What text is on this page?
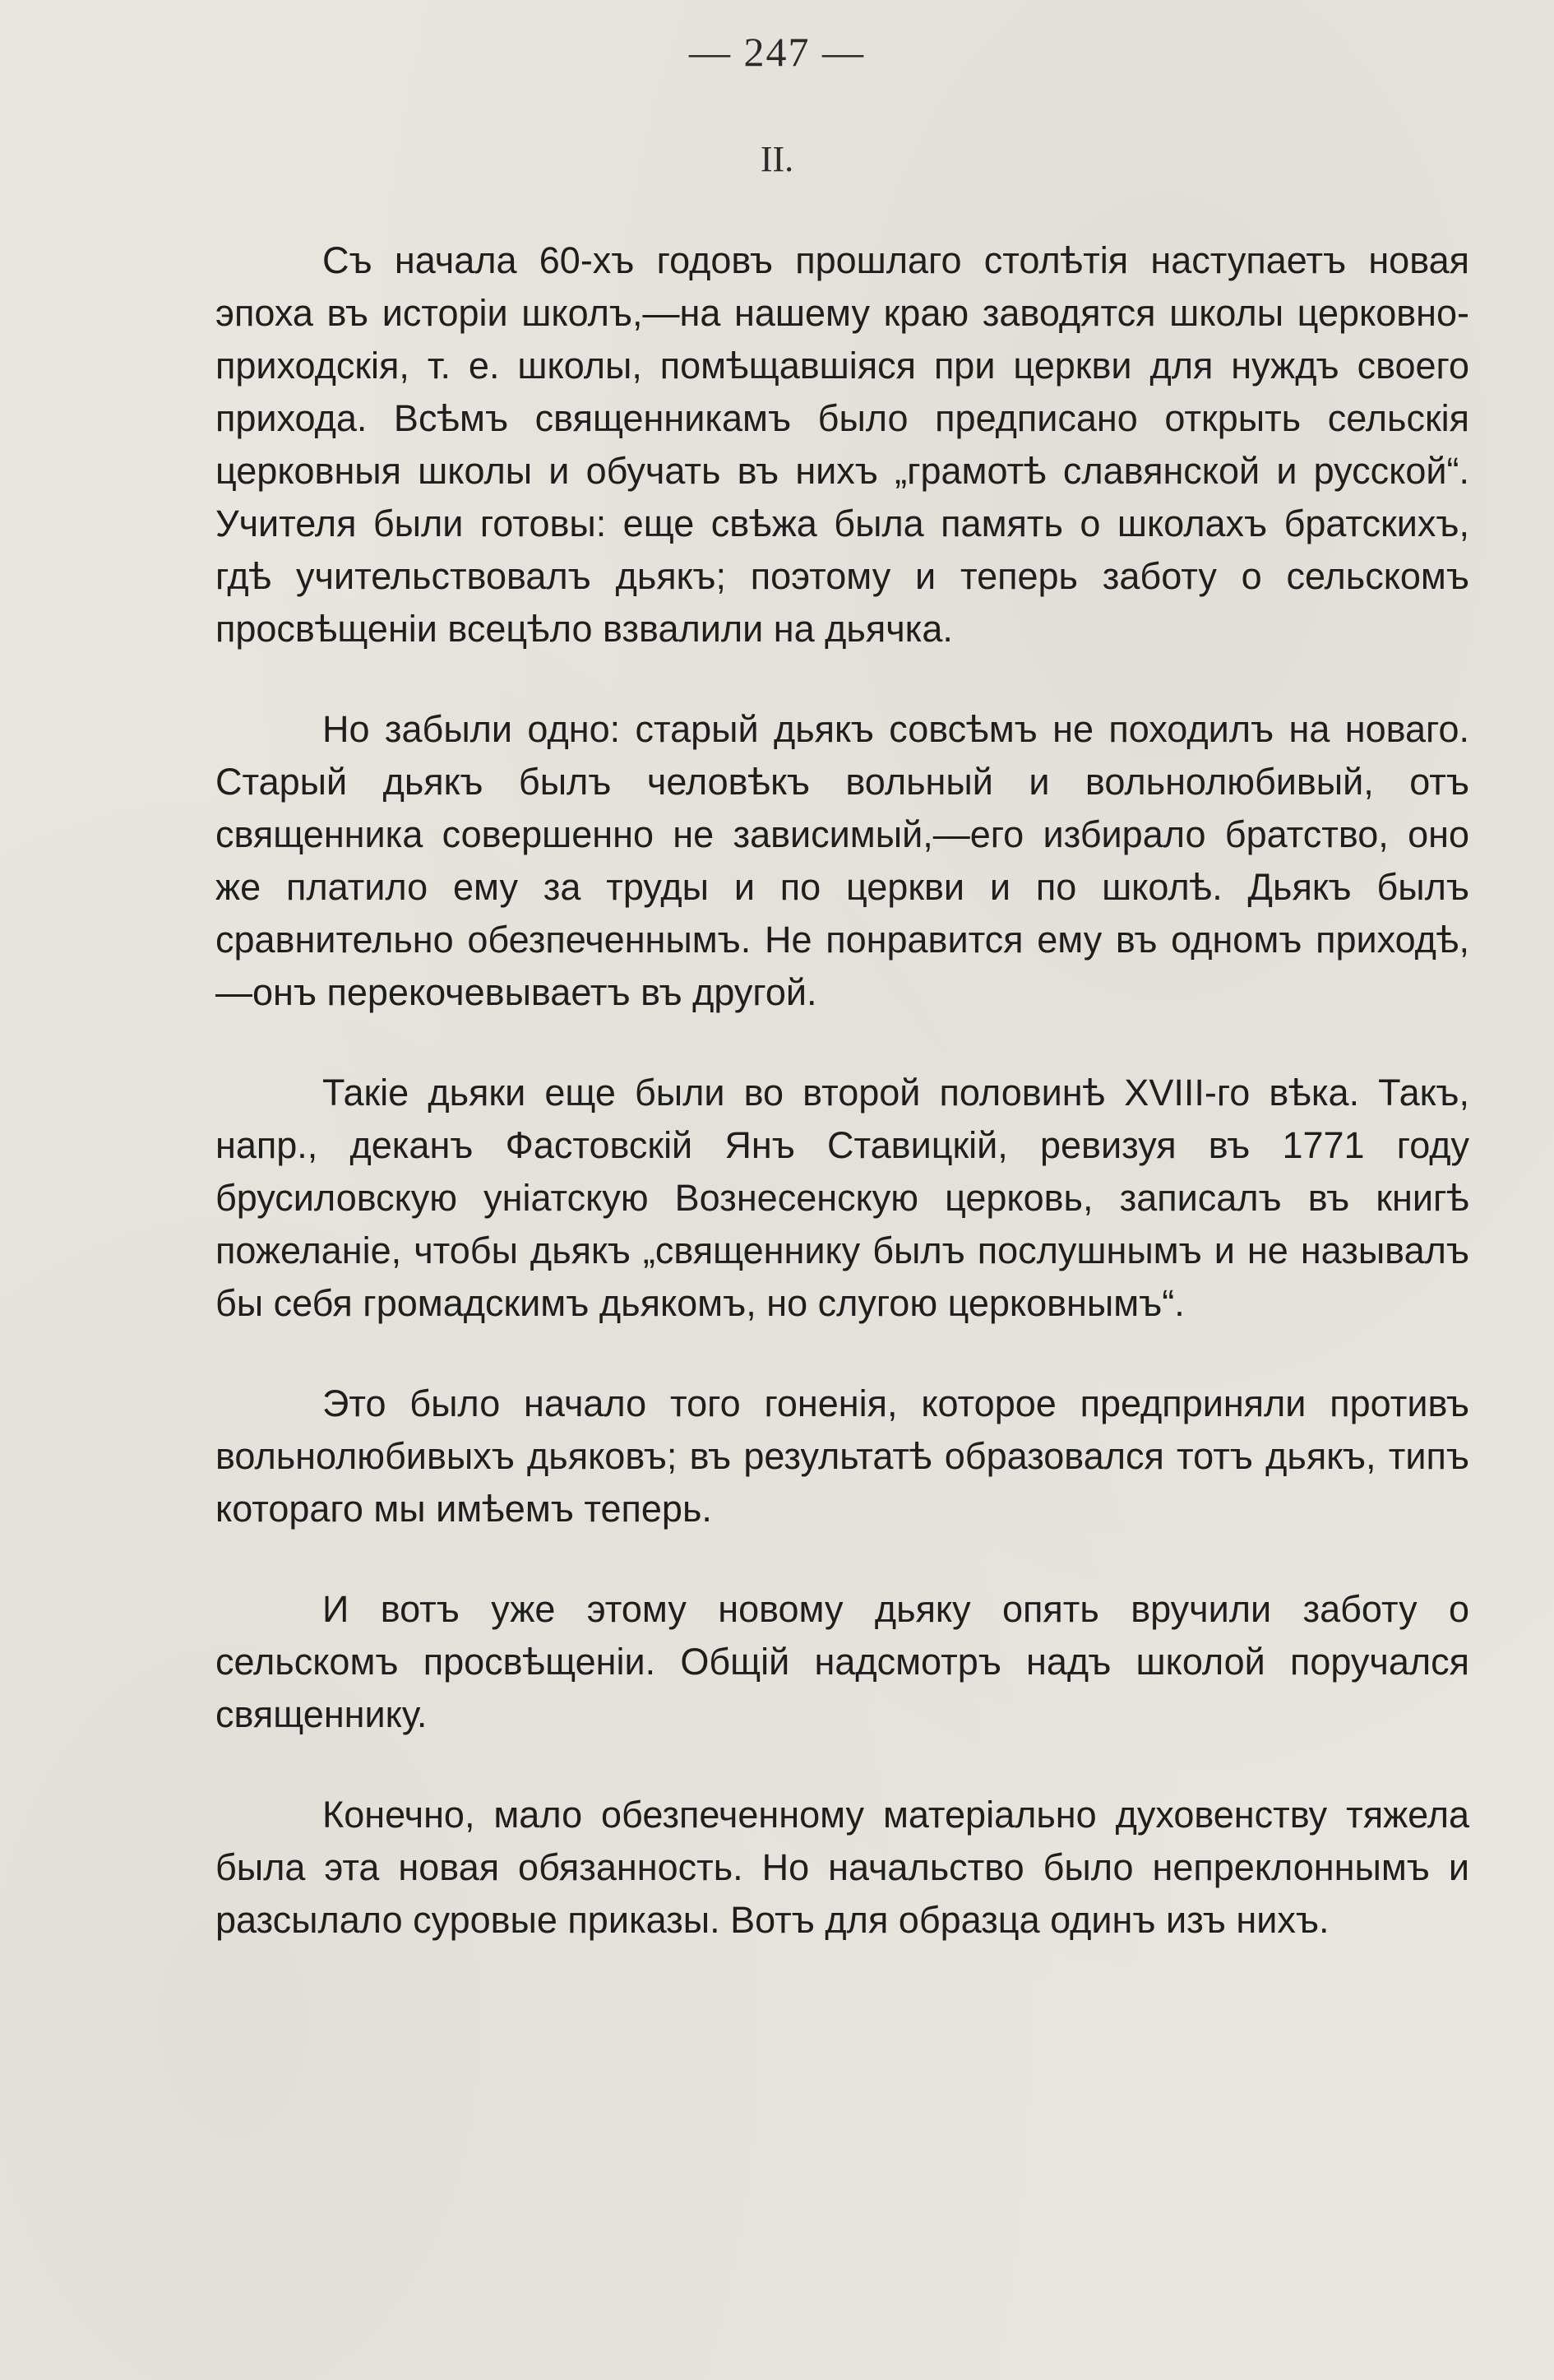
— 247 —
II.

Съ начала 60-хъ годовъ прошлаго столѣтія наступаетъ новая эпоха въ исторіи школъ,—на нашему краю заводятся школы церковно-приходскія, т. е. школы, помѣщавшіяся при церкви для нуждъ своего прихода. Всѣмъ священникамъ было предписано открыть сельскія церковныя школы и обучать въ нихъ „грамотѣ славянской и русской“. Учителя были готовы: еще свѣжа была память о школахъ братскихъ, гдѣ учительствовалъ дьякъ; поэтому и теперь заботу о сельскомъ просвѣщеніи всецѣло взвалили на дьячка.

Но забыли одно: старый дьякъ совсѣмъ не походилъ на новаго. Старый дьякъ былъ человѣкъ вольный и вольнолюбивый, отъ священника совершенно не зависимый,—его избирало братство, оно же платило ему за труды и по церкви и по школѣ. Дьякъ былъ сравнительно обезпеченнымъ. Не понравится ему въ одномъ приходѣ,—онъ перекочевываетъ въ другой.

Такіе дьяки еще были во второй половинѣ XVIII-го вѣка. Такъ, напр., деканъ Фастовскій Янъ Ставицкій, ревизуя въ 1771 году брусиловскую уніатскую Вознесенскую церковь, записалъ въ книгѣ пожеланіе, чтобы дьякъ „священнику былъ послушнымъ и не называлъ бы себя громадскимъ дьякомъ, но слугою церковнымъ“.

Это было начало того гоненія, которое предприняли противъ вольнолюбивыхъ дьяковъ; въ результатѣ образовался тотъ дьякъ, типъ котораго мы имѣемъ теперь.

И вотъ уже этому новому дьяку опять вручили заботу о сельскомъ просвѣщеніи. Общій надсмотръ надъ школой поручался священнику.

Конечно, мало обезпеченному матеріально духовенству тяжела была эта новая обязанность. Но начальство было непреклоннымъ и разсылало суровые приказы. Вотъ для образца одинъ изъ нихъ.
